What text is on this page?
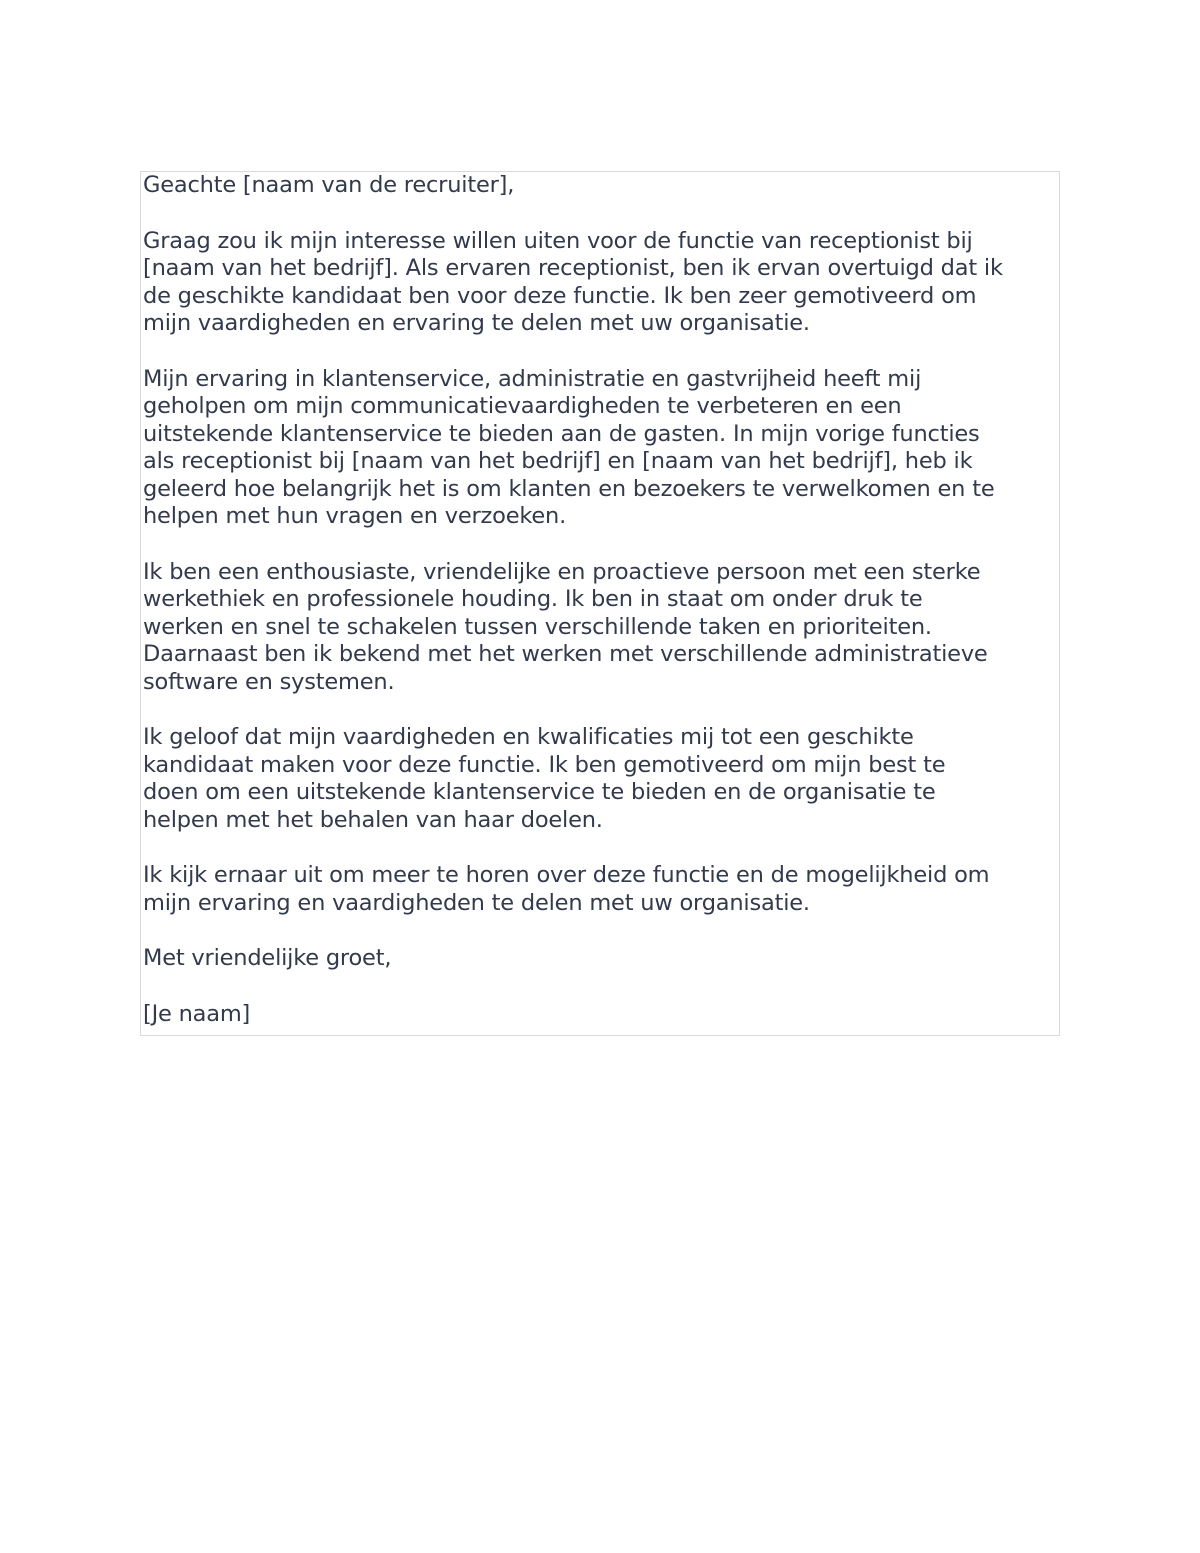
Geachte [naam van de recruiter],
Graag zou ik mijn interesse willen uiten voor de functie van receptionist bij
[naam van het bedrijf]. Als ervaren receptionist, ben ik ervan overtuigd dat ik
de geschikte kandidaat ben voor deze functie. Ik ben zeer gemotiveerd om
mijn vaardigheden en ervaring te delen met uw organisatie.
Mijn ervaring in klantenservice, administratie en gastvrijheid heeft mij
geholpen om mijn communicatievaardigheden te verbeteren en een
uitstekende klantenservice te bieden aan de gasten. In mijn vorige functies
als receptionist bij [naam van het bedrijf] en [naam van het bedrijf], heb ik
geleerd hoe belangrijk het is om klanten en bezoekers te verwelkomen en te
helpen met hun vragen en verzoeken.
Ik ben een enthousiaste, vriendelijke en proactieve persoon met een sterke
werkethiek en professionele houding. Ik ben in staat om onder druk te
werken en snel te schakelen tussen verschillende taken en prioriteiten.
Daarnaast ben ik bekend met het werken met verschillende administratieve
software en systemen.
Ik geloof dat mijn vaardigheden en kwalificaties mij tot een geschikte
kandidaat maken voor deze functie. Ik ben gemotiveerd om mijn best te
doen om een uitstekende klantenservice te bieden en de organisatie te
helpen met het behalen van haar doelen.
Ik kijk ernaar uit om meer te horen over deze functie en de mogelijkheid om
mijn ervaring en vaardigheden te delen met uw organisatie.
Met vriendelijke groet,
[Je naam]
